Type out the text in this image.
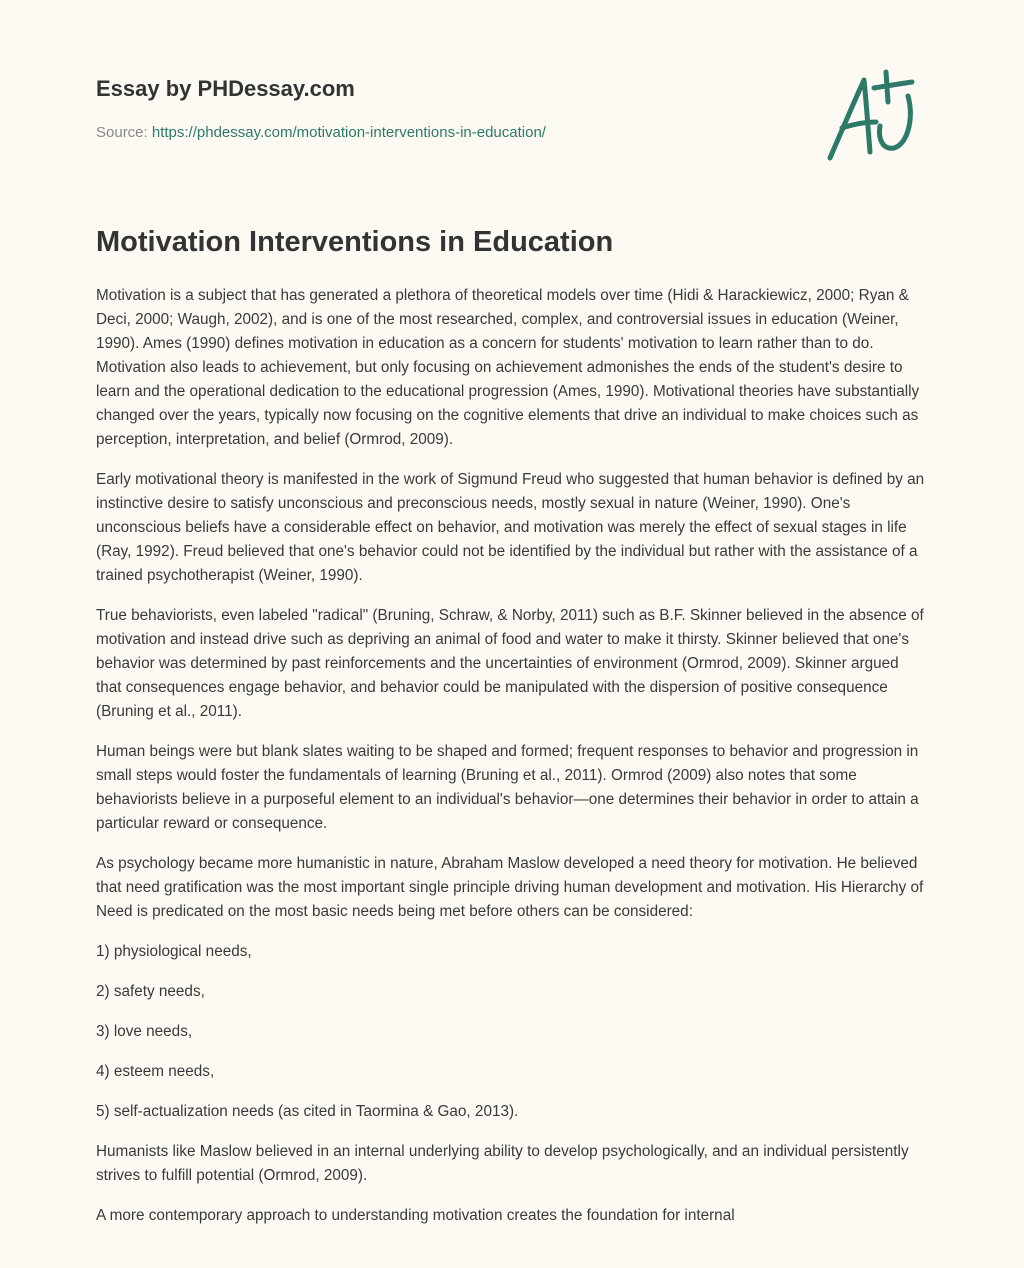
Essay by PHDessay.com

Source: https://phdessay.com/motivation-interventions-in-education/

Motivation Interventions in Education

Motivation is a subject that has generated a plethora of theoretical models over time (Hidi & Harackiewicz, 2000; Ryan & Deci, 2000; Waugh, 2002), and is one of the most researched, complex, and controversial issues in education (Weiner, 1990). Ames (1990) defines motivation in education as a concern for students' motivation to learn rather than to do. Motivation also leads to achievement, but only focusing on achievement admonishes the ends of the student's desire to learn and the operational dedication to the educational progression (Ames, 1990). Motivational theories have substantially changed over the years, typically now focusing on the cognitive elements that drive an individual to make choices such as perception, interpretation, and belief (Ormrod, 2009).

Early motivational theory is manifested in the work of Sigmund Freud who suggested that human behavior is defined by an instinctive desire to satisfy unconscious and preconscious needs, mostly sexual in nature (Weiner, 1990). One's unconscious beliefs have a considerable effect on behavior, and motivation was merely the effect of sexual stages in life (Ray, 1992). Freud believed that one's behavior could not be identified by the individual but rather with the assistance of a trained psychotherapist (Weiner, 1990).

True behaviorists, even labeled "radical" (Bruning, Schraw, & Norby, 2011) such as B.F. Skinner believed in the absence of motivation and instead drive such as depriving an animal of food and water to make it thirsty. Skinner believed that one's behavior was determined by past reinforcements and the uncertainties of environment (Ormrod, 2009). Skinner argued that consequences engage behavior, and behavior could be manipulated with the dispersion of positive consequence (Bruning et al., 2011).

Human beings were but blank slates waiting to be shaped and formed; frequent responses to behavior and progression in small steps would foster the fundamentals of learning (Bruning et al., 2011). Ormrod (2009) also notes that some behaviorists believe in a purposeful element to an individual's behavior—one determines their behavior in order to attain a particular reward or consequence.

As psychology became more humanistic in nature, Abraham Maslow developed a need theory for motivation. He believed that need gratification was the most important single principle driving human development and motivation. His Hierarchy of Need is predicated on the most basic needs being met before others can be considered:

1) physiological needs,

2) safety needs,

3) love needs,

4) esteem needs,

5) self-actualization needs (as cited in Taormina & Gao, 2013).

Humanists like Maslow believed in an internal underlying ability to develop psychologically, and an individual persistently strives to fulfill potential (Ormrod, 2009).

A more contemporary approach to understanding motivation creates the foundation for internal
